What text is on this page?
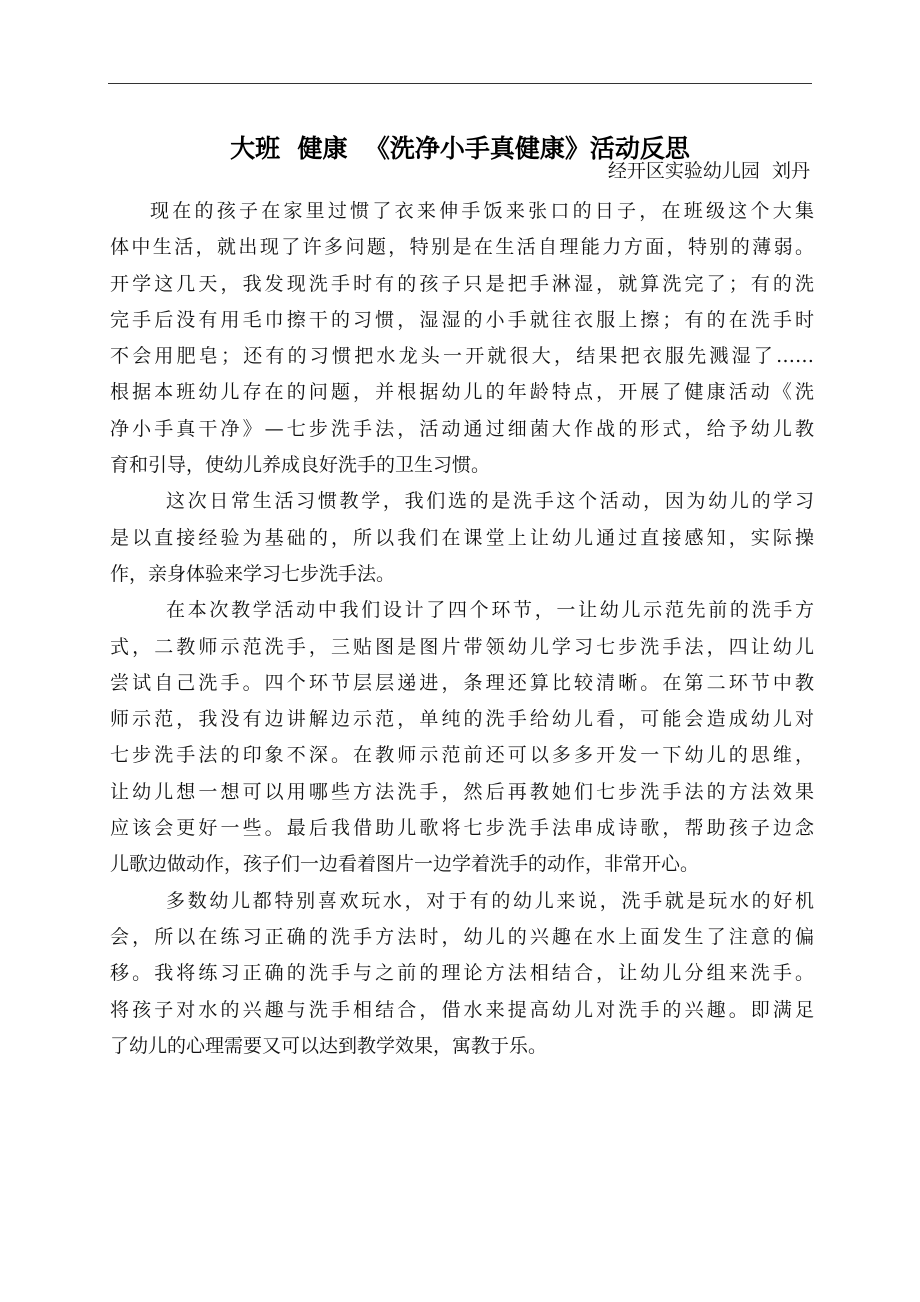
大班  健康  《洗净小手真健康》活动反思
经开区实验幼儿园  刘丹

现在的孩子在家里过惯了衣来伸手饭来张口的日子，在班级这个大集
体中生活，就出现了许多问题，特别是在生活自理能力方面，特别的薄弱。
开学这几天，我发现洗手时有的孩子只是把手淋湿，就算洗完了；有的洗
完手后没有用毛巾擦干的习惯，湿湿的小手就往衣服上擦；有的在洗手时
不会用肥皂；还有的习惯把水龙头一开就很大，结果把衣服先溅湿了……
根据本班幼儿存在的问题，并根据幼儿的年龄特点，开展了健康活动《洗
净小手真干净》—七步洗手法，活动通过细菌大作战的形式，给予幼儿教
育和引导，使幼儿养成良好洗手的卫生习惯。

这次日常生活习惯教学，我们选的是洗手这个活动，因为幼儿的学习
是以直接经验为基础的，所以我们在课堂上让幼儿通过直接感知，实际操
作，亲身体验来学习七步洗手法。

在本次教学活动中我们设计了四个环节，一让幼儿示范先前的洗手方
式，二教师示范洗手，三贴图是图片带领幼儿学习七步洗手法，四让幼儿
尝试自己洗手。四个环节层层递进，条理还算比较清晰。在第二环节中教
师示范，我没有边讲解边示范，单纯的洗手给幼儿看，可能会造成幼儿对
七步洗手法的印象不深。在教师示范前还可以多多开发一下幼儿的思维，
让幼儿想一想可以用哪些方法洗手，然后再教她们七步洗手法的方法效果
应该会更好一些。最后我借助儿歌将七步洗手法串成诗歌，帮助孩子边念
儿歌边做动作，孩子们一边看着图片一边学着洗手的动作，非常开心。

多数幼儿都特别喜欢玩水，对于有的幼儿来说，洗手就是玩水的好机
会，所以在练习正确的洗手方法时，幼儿的兴趣在水上面发生了注意的偏
移。我将练习正确的洗手与之前的理论方法相结合，让幼儿分组来洗手。
将孩子对水的兴趣与洗手相结合，借水来提高幼儿对洗手的兴趣。即满足
了幼儿的心理需要又可以达到教学效果，寓教于乐。
